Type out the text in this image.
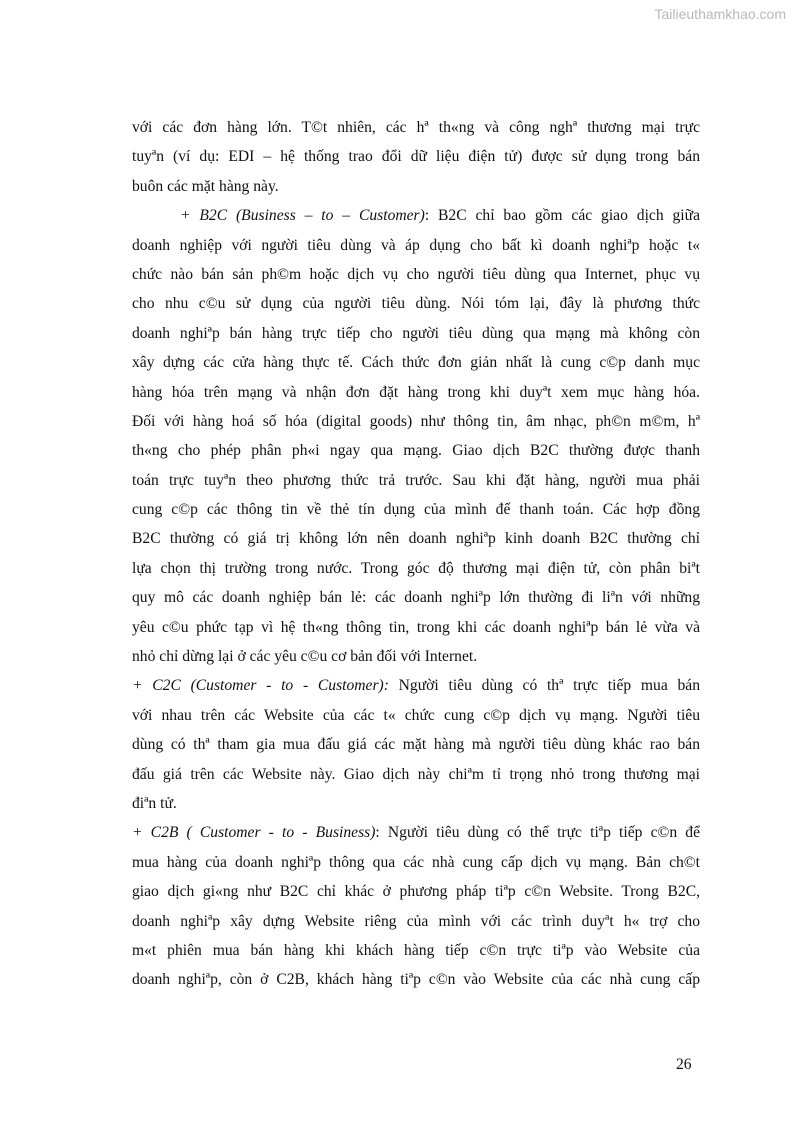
Tailieuthamkhao.com
với các đơn hàng lớn. T©t nhiên, các hª th«ng và công nghª thương mại trực
tuyªn (ví dụ: EDI – hệ thống trao đổi dữ liệu điện tử) được sử dụng trong bán
buôn các mặt hàng này.
+ B2C (Business – to – Customer): B2C chỉ bao gồm các giao dịch giữa
doanh nghiệp với người tiêu dùng và áp dụng cho bất kì doanh nghiªp hoặc t«
chức nào bán sản ph©m hoặc dịch vụ cho người tiêu dùng qua Internet, phục vụ
cho nhu c©u sử dụng của người tiêu dùng. Nói tóm lại, đây là phương thức
doanh nghiªp bán hàng trực tiếp cho người tiêu dùng qua mạng mà không còn
xây dựng các cửa hàng thực tế. Cách thức đơn giản nhất là cung c©p danh mục
hàng hóa trên mạng và nhận đơn đặt hàng trong khi duyªt xem mục hàng hóa.
Đối với hàng hoá số hóa (digital goods) như thông tin, âm nhạc, ph©n m©m, hª
th«ng cho phép phân ph«i ngay qua mạng. Giao dịch B2C thường được thanh
toán trực tuyªn theo phương thức trả trước. Sau khi đặt hàng, người mua phải
cung c©p các thông tin về thẻ tín dụng của mình để thanh toán. Các hợp đồng
B2C thường có giá trị không lớn nên doanh nghiªp kinh doanh B2C thường chỉ
lựa chọn thị trường trong nước. Trong góc độ thương mại điện tử, còn phân biªt
quy mô các doanh nghiệp bán lẻ: các doanh nghiªp lớn thường đi liªn với những
yêu c©u phức tạp vì hệ th«ng thông tin, trong khi các doanh nghiªp bán lẻ vừa và
nhỏ chỉ dừng lại ở các yêu c©u cơ bản đối với Internet.
+ C2C (Customer - to - Customer): Người tiêu dùng có thª trực tiếp mua bán
với nhau trên các Website của các t« chức cung c©p dịch vụ mạng. Người tiêu
dùng có thª tham gia mua đấu giá các mặt hàng mà người tiêu dùng khác rao bán
đấu giá trên các Website này. Giao dịch này chiªm tỉ trọng nhỏ trong thương mại
điªn tử.
+ C2B ( Customer - to - Business): Người tiêu dùng có thể trực tiªp tiếp c©n để
mua hàng của doanh nghiªp thông qua các nhà cung cấp dịch vụ mạng. Bản ch©t
giao dịch gi«ng như B2C chỉ khác ở phương pháp tiªp c©n Website. Trong B2C,
doanh nghiªp xây dựng Website riêng của mình với các trình duyªt h« trợ cho
m«t phiên mua bán hàng khi khách hàng tiếp c©n trực tiªp vào Website của
doanh nghiªp, còn ở C2B, khách hàng tiªp c©n vào Website của các nhà cung cấp
26
